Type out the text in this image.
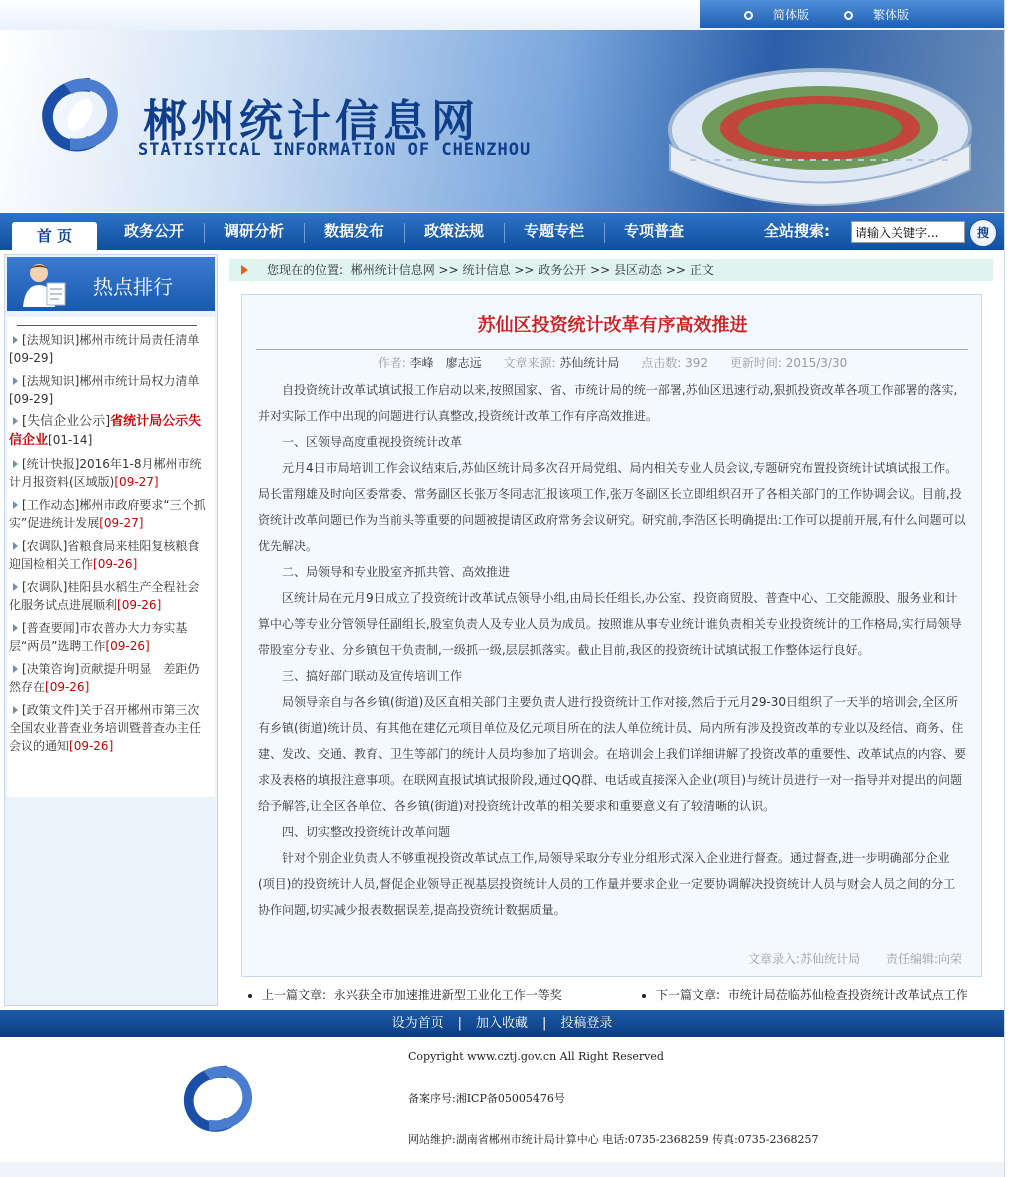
简体版	繁体版
郴州统计信息网
STATISTICAL INFORMATION OF CHENZHOU
首 页	政务公开	调研分析	数据发布	政策法规	专题专栏	专项普查	全站搜索:
请输入关键字...	搜
热点排行
[法规知识]郴州市统计局责任清单
[09-29]
[法规知识]郴州市统计局权力清单
[09-29]
[失信企业公示]省统计局公示失信企业[01-14]
[统计快报]2016年1-8月郴州市统计月报资料(区域版)[09-27]
[工作动态]郴州市政府要求“三个抓实”促进统计发展[09-27]
[农调队]省粮食局来桂阳复核粮食迎国检相关工作[09-26]
[农调队]桂阳县水稻生产全程社会化服务试点进展顺利[09-26]
[普查要闻]市农普办大力夯实基层“两员”选聘工作[09-26]
[决策咨询]贡献提升明显　差距仍然存在[09-26]
[政策文件]关于召开郴州市第三次全国农业普查业务培训暨普查办主任会议的通知[09-26]
您现在的位置: 郴州统计信息网 >> 统计信息 >> 政务公开 >> 县区动态 >> 正文
苏仙区投资统计改革有序高效推进
作者: 李峰　廖志远 文章来源: 苏仙统计局 点击数: 392 更新时间: 2015/3/30

自投资统计改革试填试报工作启动以来,按照国家、省、市统计局的统一部署,苏仙区迅速行动,狠抓投资改革各项工作部署的落实,并对实际工作中出现的问题进行认真整改,投资统计改革工作有序高效推进。

一、区领导高度重视投资统计改革

元月4日市局培训工作会议结束后,苏仙区统计局多次召开局党组、局内相关专业人员会议,专题研究布置投资统计试填试报工作。局长雷翔雄及时向区委常委、常务副区长张万冬同志汇报该项工作,张万冬副区长立即组织召开了各相关部门的工作协调会议。目前,投资统计改革问题已作为当前头等重要的问题被提请区政府常务会议研究。研究前,李浩区长明确提出:工作可以提前开展,有什么问题可以优先解决。

二、局领导和专业股室齐抓共管、高效推进

区统计局在元月9日成立了投资统计改革试点领导小组,由局长任组长,办公室、投资商贸股、普查中心、工交能源股、服务业和计算中心等专业分管领导任副组长,股室负责人及专业人员为成员。按照谁从事专业统计谁负责相关专业投资统计的工作格局,实行局领导带股室分专业、分乡镇包干负责制,一级抓一级,层层抓落实。截止目前,我区的投资统计试填试报工作整体运行良好。

三、搞好部门联动及宣传培训工作

局领导亲自与各乡镇(街道)及区直相关部门主要负责人进行投资统计工作对接,然后于元月29-30日组织了一天半的培训会,全区所有乡镇(街道)统计员、有其他在建亿元项目单位及亿元项目所在的法人单位统计员、局内所有涉及投资改革的专业以及经信、商务、住建、发改、交通、教育、卫生等部门的统计人员均参加了培训会。在培训会上我们详细讲解了投资改革的重要性、改革试点的内容、要求及表格的填报注意事项。在联网直报试填试报阶段,通过QQ群、电话或直接深入企业(项目)与统计员进行一对一指导并对提出的问题给予解答,让全区各单位、各乡镇(街道)对投资统计改革的相关要求和重要意义有了较清晰的认识。

四、切实整改投资统计改革问题

针对个别企业负责人不够重视投资改革试点工作,局领导采取分专业分组形式深入企业进行督查。通过督查,进一步明确部分企业(项目)的投资统计人员,督促企业领导正视基层投资统计人员的工作量并要求企业一定要协调解决投资统计人员与财会人员之间的分工协作问题,切实减少报表数据误差,提高投资统计数据质量。

文章录入:苏仙统计局 责任编辑:向荣
上一篇文章: 永兴获全市加速推进新型工业化工作一等奖	下一篇文章: 市统计局莅临苏仙检查投资统计改革试点工作
设为首页 | 加入收藏 | 投稿登录
Copyright www.cztj.gov.cn All Right Reserved
备案序号:湘ICP备05005476号
网站维护:湖南省郴州市统计局计算中心 电话:0735-2368259 传真:0735-2368257
